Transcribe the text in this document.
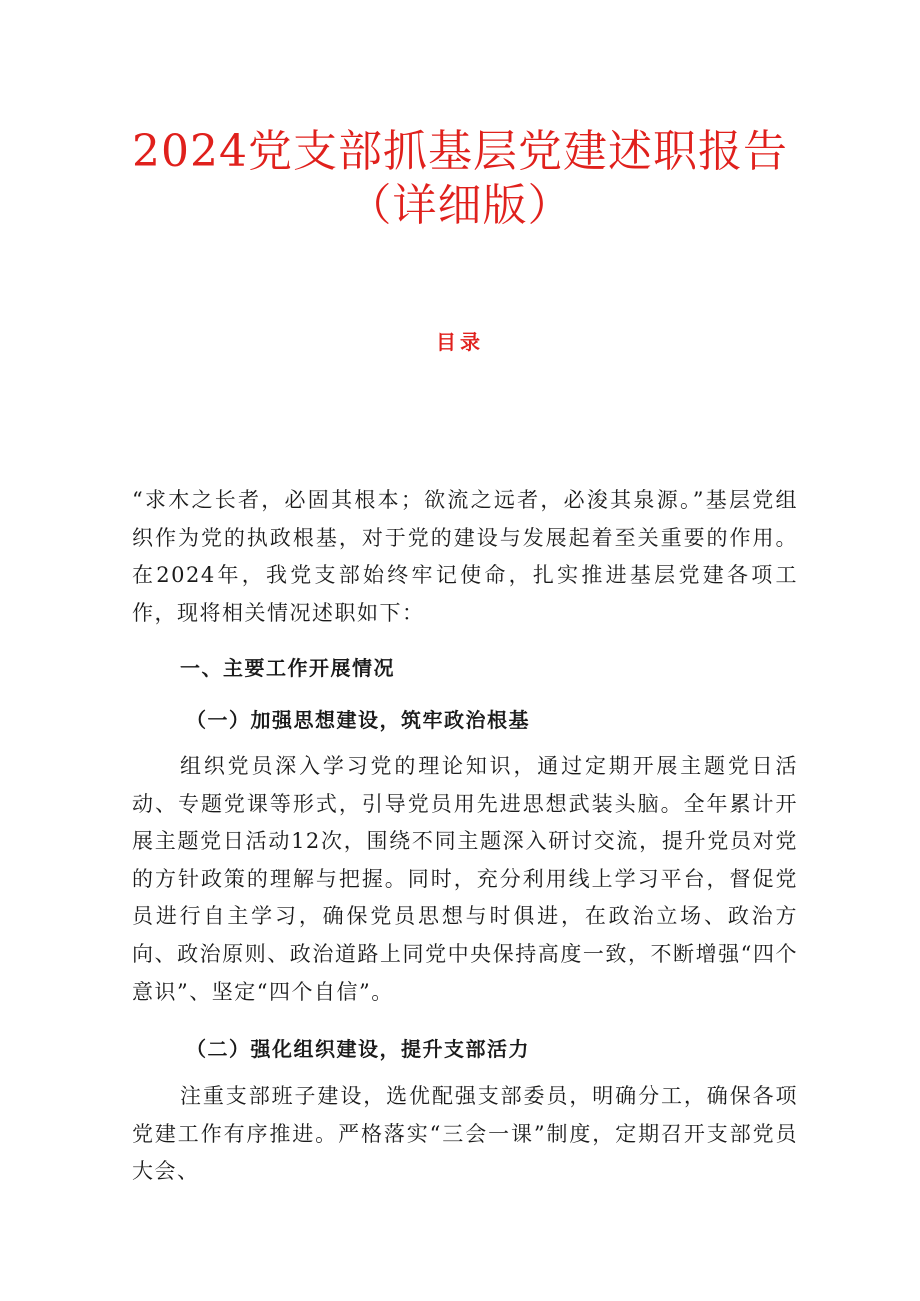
2024党支部抓基层党建述职报告
（详细版）
目录

“求木之长者，必固其根本；欲流之远者，必浚其泉源。”基层党组织作为党的执政根基，对于党的建设与发展起着至关重要的作用。在2024年，我党支部始终牢记使命，扎实推进基层党建各项工作，现将相关情况述职如下：

一、主要工作开展情况
（一）加强思想建设，筑牢政治根基

组织党员深入学习党的理论知识，通过定期开展主题党日活动、专题党课等形式，引导党员用先进思想武装头脑。全年累计开展主题党日活动12次，围绕不同主题深入研讨交流，提升党员对党的方针政策的理解与把握。同时，充分利用线上学习平台，督促党员进行自主学习，确保党员思想与时俱进，在政治立场、政治方向、政治原则、政治道路上同党中央保持高度一致，不断增强“四个意识”、坚定“四个自信”。

（二）强化组织建设，提升支部活力

注重支部班子建设，选优配强支部委员，明确分工，确保各项党建工作有序推进。严格落实“三会一课”制度，定期召开支部党员大会、
